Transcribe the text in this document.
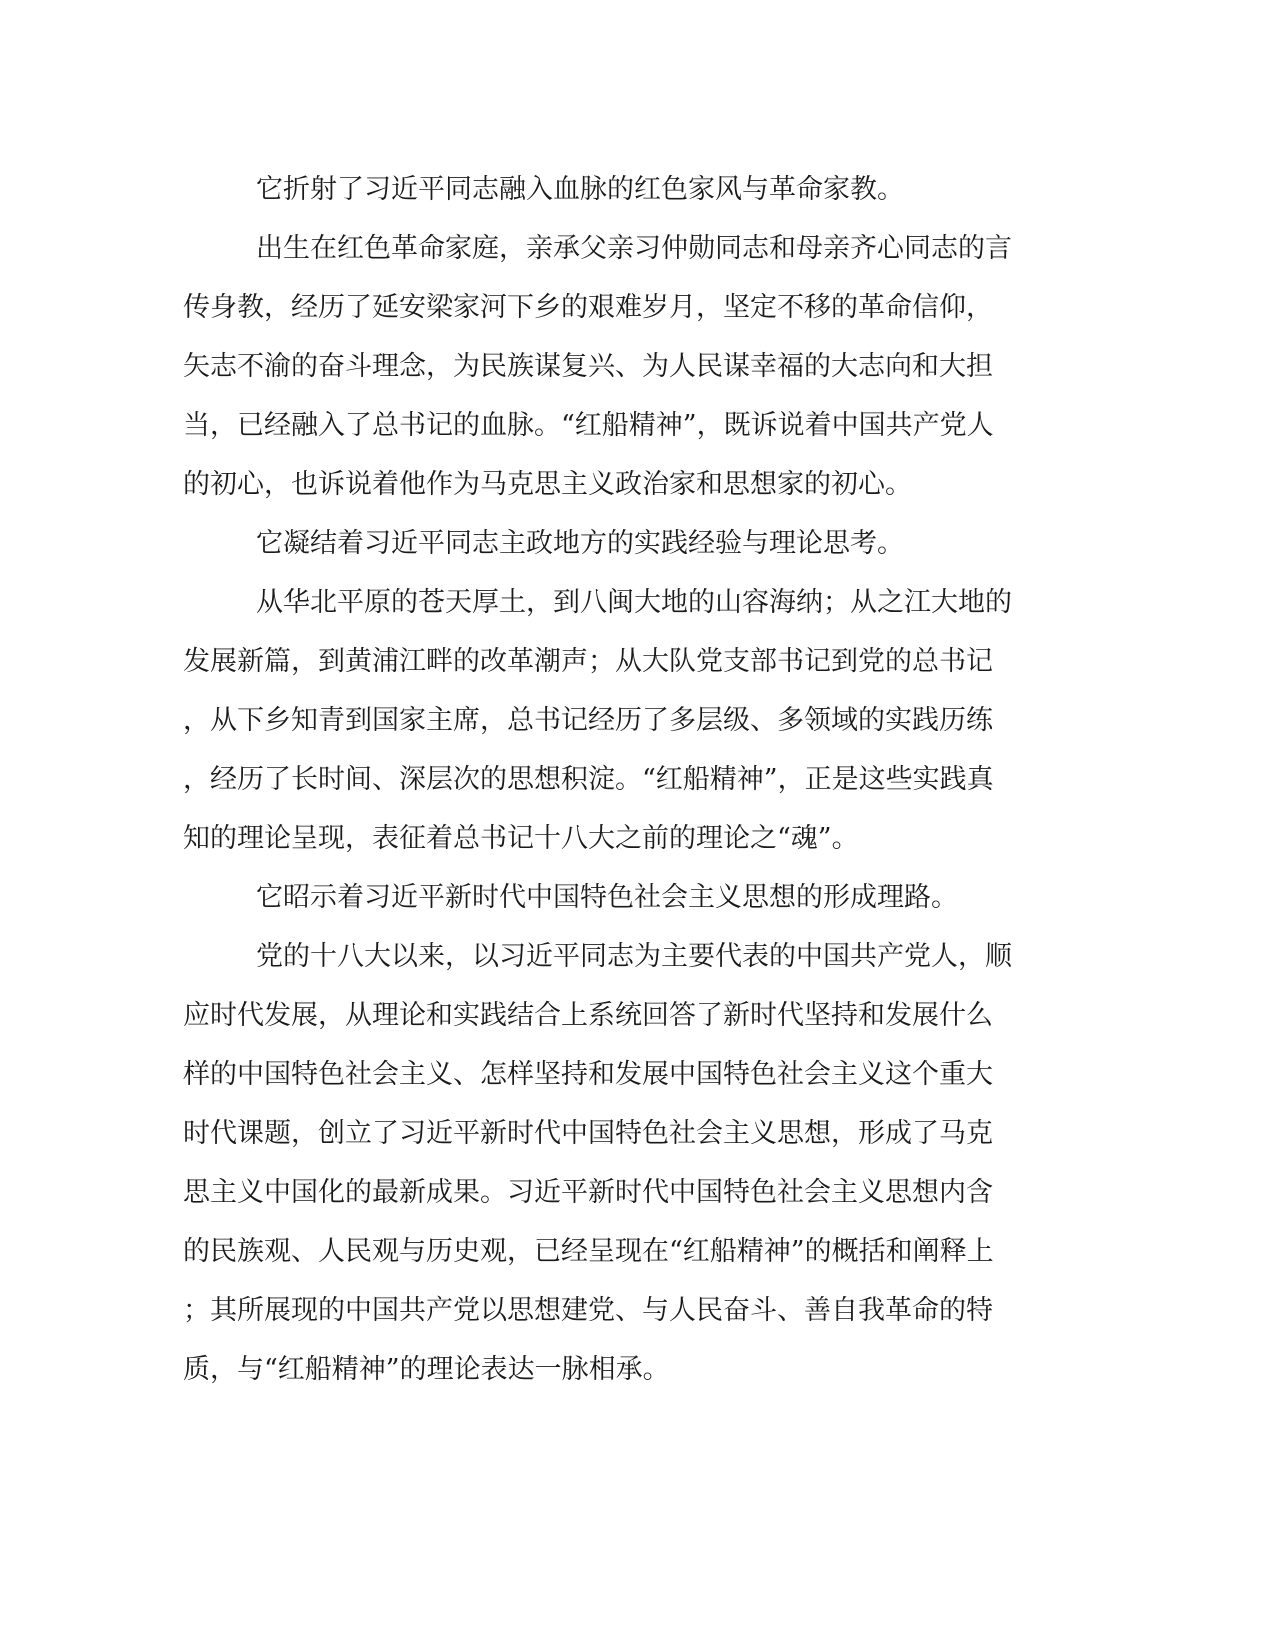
它折射了习近平同志融入血脉的红色家风与革命家教。
出生在红色革命家庭，亲承父亲习仲勋同志和母亲齐心同志的言
传身教，经历了延安梁家河下乡的艰难岁月，坚定不移的革命信仰，
矢志不渝的奋斗理念，为民族谋复兴、为人民谋幸福的大志向和大担
当，已经融入了总书记的血脉。“红船精神”，既诉说着中国共产党人
的初心，也诉说着他作为马克思主义政治家和思想家的初心。
它凝结着习近平同志主政地方的实践经验与理论思考。
从华北平原的苍天厚土，到八闽大地的山容海纳；从之江大地的
发展新篇，到黄浦江畔的改革潮声；从大队党支部书记到党的总书记
，从下乡知青到国家主席，总书记经历了多层级、多领域的实践历练
，经历了长时间、深层次的思想积淀。“红船精神”，正是这些实践真
知的理论呈现，表征着总书记十八大之前的理论之“魂”。
它昭示着习近平新时代中国特色社会主义思想的形成理路。
党的十八大以来，以习近平同志为主要代表的中国共产党人，顺
应时代发展，从理论和实践结合上系统回答了新时代坚持和发展什么
样的中国特色社会主义、怎样坚持和发展中国特色社会主义这个重大
时代课题，创立了习近平新时代中国特色社会主义思想，形成了马克
思主义中国化的最新成果。习近平新时代中国特色社会主义思想内含
的民族观、人民观与历史观，已经呈现在“红船精神”的概括和阐释上
；其所展现的中国共产党以思想建党、与人民奋斗、善自我革命的特
质，与“红船精神”的理论表达一脉相承。
